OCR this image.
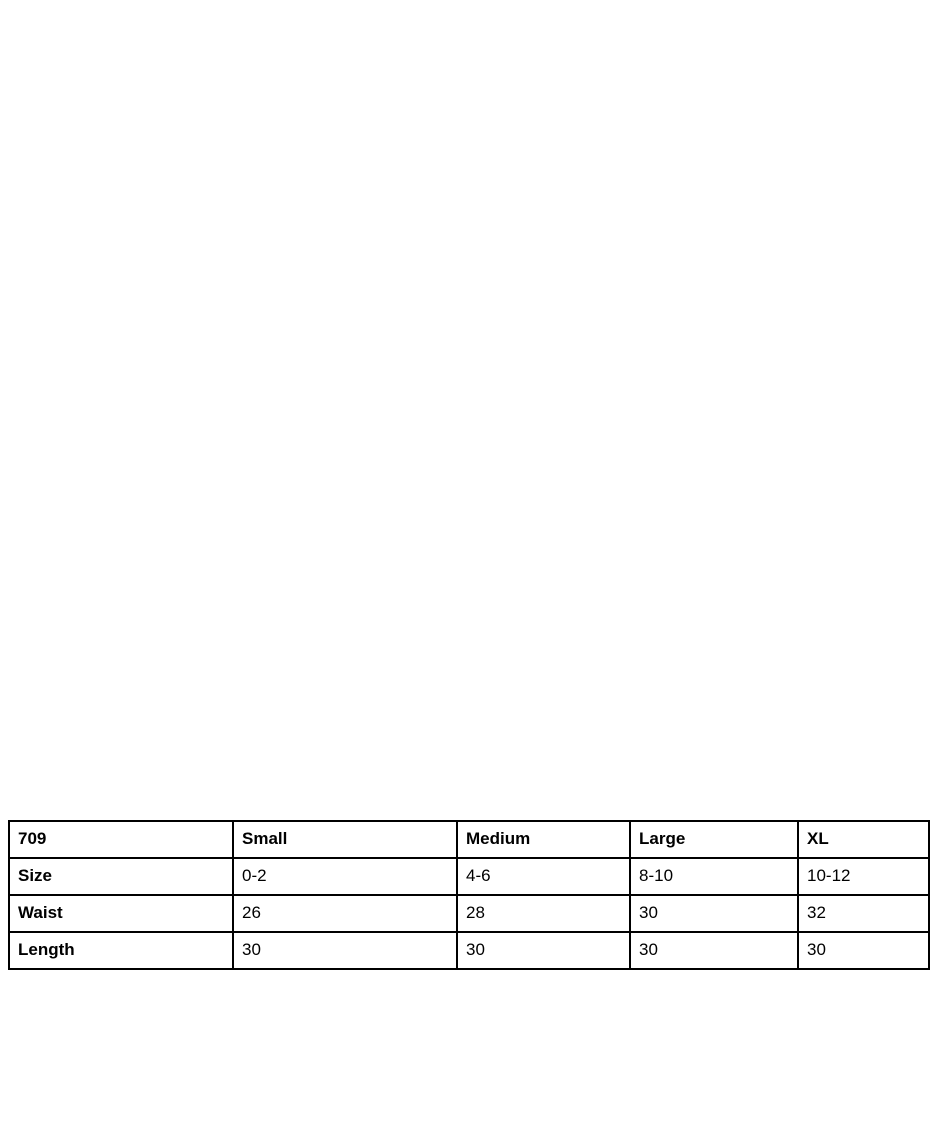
709	Small	Medium	Large	XL
Size	0-2	4-6	8-10	10-12
Waist	26	28	30	32
Length	30	30	30	30
